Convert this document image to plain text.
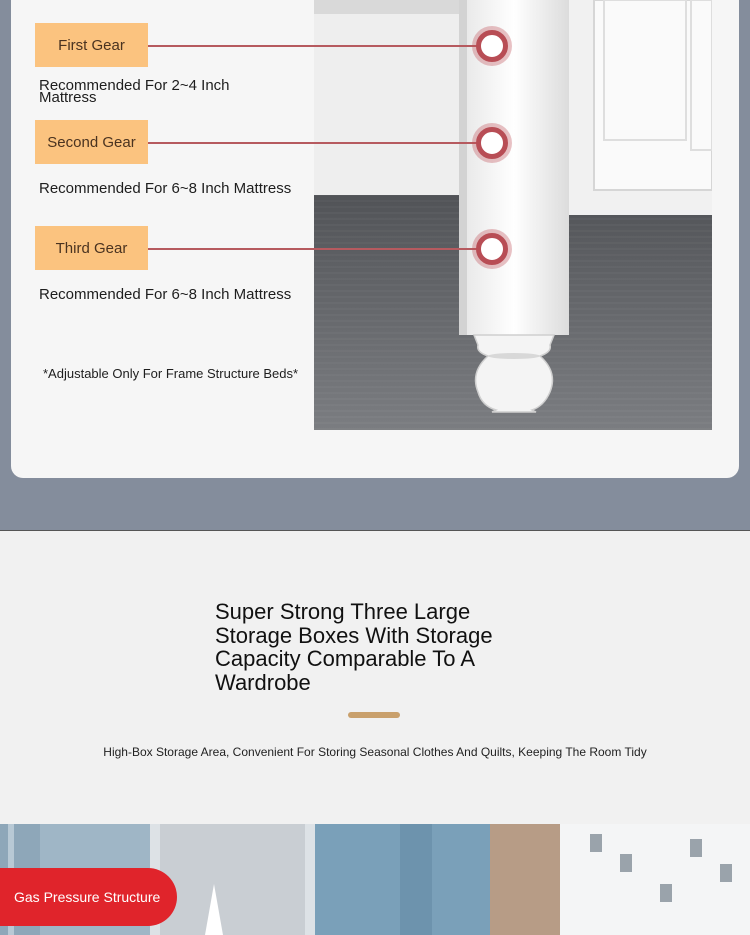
First Gear
Recommended For 2~4 Inch
Mattress
Second Gear
Recommended For 6~8 Inch Mattress
Third Gear
Recommended For 6~8 Inch Mattress
*Adjustable Only For Frame Structure Beds*
Super Strong Three Large Storage Boxes With Storage Capacity Comparable To A Wardrobe
High-Box Storage Area, Convenient For Storing Seasonal Clothes And Quilts, Keeping The Room Tidy
Gas Pressure Structure
